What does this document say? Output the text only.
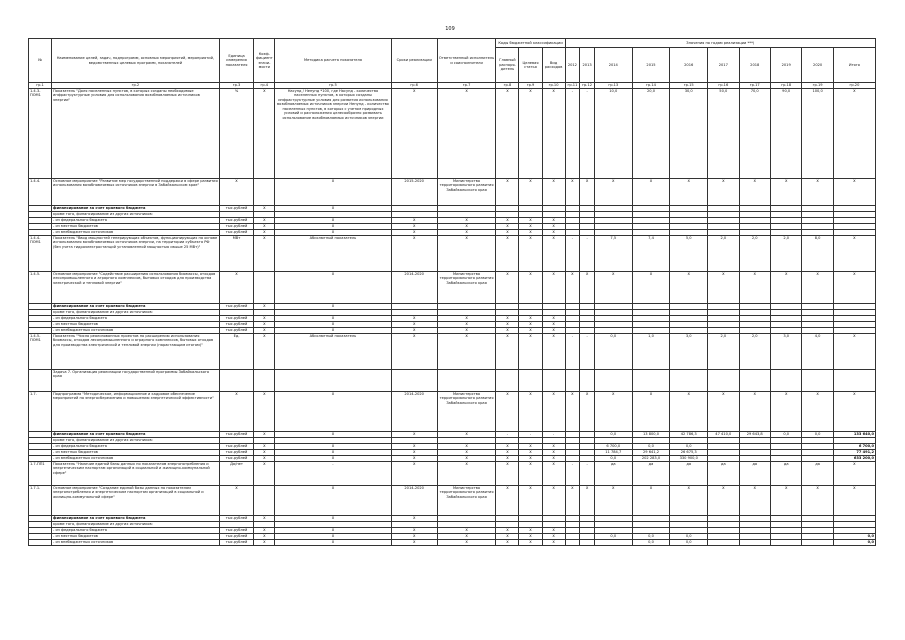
109
№	Наименование целей, задач, подпрограмм, основных мероприятий, мероприятий, ведомственных целевых программ, показателей	Единица измерения показателя	Коэф-фициент значи-мости	Методика расчета показателя	Сроки реализации	Ответственный исполнитель и соисполнители	Коды бюджетной классификации			Значения по годам реализации ***)									
							Главный распоря-дитель	Целевая статья	Вид расходов	2012	2013	2014	2015	2016	2017	2018	2019	2020	Итого
гр.1	гр.2	гр.3	гр.4	гр.5	гр.6	гр.7	гр.8	гр.9	гр.10	гр.11	гр.12	гр.13	гр.14	гр.15	гр.16	гр.17	гр.18	гр.19	гр.20
1.4.3-ПОМ1	Показатель "Доля населенных пунктов, в которых созданы необходимые инфраструктурные условия для использования возобновляемых источников энергии"	%	X	Насупд / Ненупд *100, где Насупд - количество населенных пунктов, в которых созданы инфраструктурные условия для развития использования возобновляемых источников энергии Ненупд - количество населенных пунктов, в которых с учетом природных условий и расположения целесообразно развивать использование возобновляемых источников энергии	X	X	X	X	X	-	-	10,0	20,0	30,0	50,0	70,0	90,0	100,0	X
1.4.4.	Основное мероприятие "Развитие мер государственной поддержки в сфере развития использования возобновляемых источников энергии в Забайкальском крае"	X		X	2015-2020	Министерство территориального развития Забайкальского края	X	X	X	X	X	X	X	X	X	X	X	X	X
	финансирование за счет краевого бюджета	тыс.рублей	X	X															
	кроме того, финансирование из других источников:																		
	- из федерального бюджета	тыс.рублей	X	X	X	X	X	X	X										
	- из местных бюджетов	тыс.рублей	X	X	X	X	X	X	X										
	- из внебюджетных источников	тыс.рублей	X	X	X	X	X	X	X										
1.4.4-ПОМ1	Показатель "Ввод мощностей генерирующих объектов, функционирующих на основе использования возобновляемых источников энергии, на территории субъекта РФ (без учета гидроэлектростанций установленной мощностью свыше 25 МВт)"	МВт	X	Абсолютный показатель	X	X	X	X	X	-	-	7,5	7,4	5,0	2,0	2,0	2,0	8,0	X
1.4.5.	Основное мероприятие "Содействие расширению использования биомассы, отходов лесопромышленного и аграрного комплексов, бытовых отходов для производства электрической и тепловой энергии"	X		X	2014-2020	Министерство территориального развития Забайкальского края	X	X	X	X	X	X	X	X	X	X	X	X	X
	финансирование за счет краевого бюджета	тыс.рублей	X	X															
	кроме того, финансирование из других источников:																		
	- из федерального бюджета	тыс.рублей	X	X	X	X	X	X	X										
	- из местных бюджетов	тыс.рублей	X	X	X	X	X	X	X										
	- из внебюджетных источников	тыс.рублей	X	X	X	X	X	X	X										
1.4.5-ПОМ1	Показатель "Число реализованных проектов по расширению использования биомассы, отходов лесопромышленного и аграрного комплексов, бытовых отходов для производства электрической и тепловой энергии (нарастающим итогом)"	Ед.	X	Абсолютный показатель	X	X	X	X	X	-	-	0,0	1,0	3,0	2,0	2,0	3,0	4,0	X
	Задача 7. Организация реализации государственной программы Забайкальского края																		
1.7.	Подпрограмма "Методическое, информационное и кадровое обеспечение мероприятий по энергосбережению и повышению энергетической эффективности"	X	X	X	2014-2020	Министерство территориального развития Забайкальского края	X	X	X	X	X	X	X	X	X	X	X	X	X
	финансирование за счет краевого бюджета	тыс.рублей	X	X	X	X	-	-	-			0,0	13 800,0	42 786,3	47 410,0	29 643,8	0,0	0,0	133 640,0
	кроме того, финансирование из других источников:																		
	- из федерального бюджета	тыс.рублей	X	X	X	X	X	X	X			6 700,0	0,0	0,0					6 700,0
	- из местных бюджетов	тыс.рублей	X	X	X	X	X	X	X			11 784,7	29 641,2	26 675,3					77 491,2
	- из внебюджетных источников	тыс.рублей	X	X	X	X	X	X	X			0,0	202 283,0	330 900,0					633 200,0
1.7-ПП1	Показатель "Наличие единой базы данных по показателям энергопотребления и энергетическим паспортам организаций в социальной и жилищно-коммунальной сфере"	Да/нет	X	-	X	X	X	X	X	-	-	да	да	да	да	да	да	да	X
1.7.1.	Основное мероприятие "Создание единой базы данных по показателям энергопотребления и энергетическим паспортам организаций в социальной и жилищно-коммунальной сфере"	X		X	2014-2020	Министерство территориального развития Забайкальского края	X	X	X	X	X	X	X	X	X	X	X	X	X
	финансирование за счет краевого бюджета	тыс.рублей	X	X	X														
	кроме того, финансирование из других источников:																		
	- из федерального бюджета	тыс.рублей	X	X	X	X	X	X	X										
	- из местных бюджетов	тыс.рублей	X	X	X	X	X	X	X			0,0	0,0	0,0					0,0
	- из внебюджетных источников	тыс.рублей	X	X	X	X	X	X	X				0,0	0,0					0,0
